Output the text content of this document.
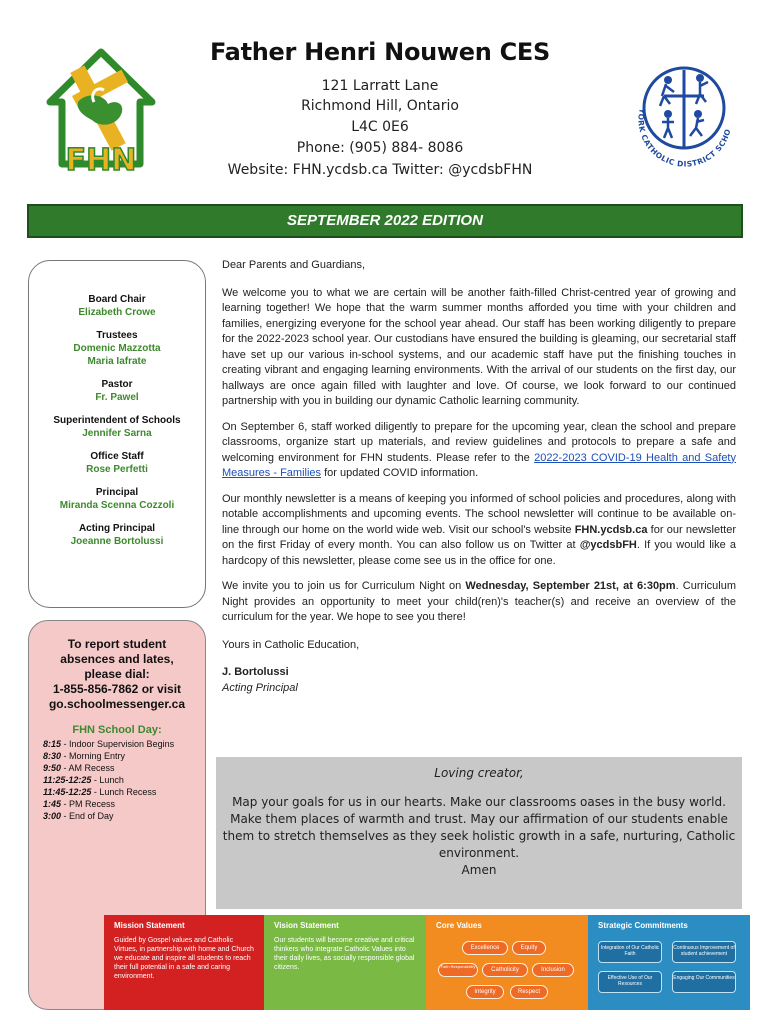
FHN
Father Henri Nouwen CES
121 Larratt Lane
Richmond Hill, Ontario
L4C 0E6
Phone: (905) 884- 8086
Website: FHN.ycdsb.ca Twitter: @ycdsbFHN
YORK CATHOLIC DISTRICT SCHO
SEPTEMBER 2022 EDITION
Board Chair
Elizabeth Crowe
Trustees
Domenic Mazzotta
Maria Iafrate
Pastor
Fr. Pawel
Superintendent of Schools
Jennifer Sarna
Office Staff
Rose Perfetti
Principal
Miranda Scenna Cozzoli
Acting Principal
Joeanne Bortolussi
To report student
absences and lates,
please dial:
1-855-856-7862 or visit
go.schoolmessenger.ca
FHN School Day:
8:15 - Indoor Supervision Begins
8:30 - Morning Entry
9:50 - AM Recess
11:25-12:25 - Lunch
11:45-12:25 - Lunch Recess
1:45 - PM Recess
3:00 - End of Day

Dear Parents and Guardians,

We welcome you to what we are certain will be another faith-filled Christ-centred year of growing and learning together! We hope that the warm summer months afforded you time with your children and families, energizing everyone for the school year ahead. Our staff has been working diligently to prepare for the 2022-2023 school year. Our custodians have ensured the building is gleaming, our secretarial staff have set up our various in-school systems, and our academic staff have put the finishing touches in creating vibrant and engaging learning environments. With the arrival of our students on the first day, our hallways are once again filled with laughter and love. Of course, we look forward to our continued partnership with you in building our dynamic Catholic learning community.

On September 6, staff worked diligently to prepare for the upcoming year, clean the school and prepare classrooms, organize start up materials, and review guidelines and protocols to prepare a safe and welcoming environment for FHN students. Please refer to the 2022-2023 COVID-19 Health and Safety Measures - Families for updated COVID information.

Our monthly newsletter is a means of keeping you informed of school policies and procedures, along with notable accomplishments and upcoming events. The school newsletter will continue to be available on-line through our home on the world wide web. Visit our school's website FHN.ycdsb.ca for our newsletter on the first Friday of every month. You can also follow us on Twitter at @ycdsbFH. If you would like a hardcopy of this newsletter, please come see us in the office for one.

We invite you to join us for Curriculum Night on Wednesday, September 21st, at 6:30pm. Curriculum Night provides an opportunity to meet your child(ren)'s teacher(s) and receive an overview of the curriculum for the year. We hope to see you there!

Yours in Catholic Education,

J. Bortolussi

Acting Principal

Loving creator,
Map your goals for us in our hearts. Make our classrooms oases in the busy world. Make them places of warmth and trust. May our affirmation of our students enable them to stretch themselves as they seek holistic growth in a safe, nurturing, Catholic environment.
Amen
Mission Statement
Guided by Gospel values and Catholic Virtues, in partnership with home and Church we educate and inspire all students to reach their full potential in a safe and caring environment.
Vision Statement
Our students will become creative and critical thinkers who integrate Catholic Values into their daily lives, as socially responsible global citizens.
Core Values
Excellence	Equity
Faith Responsibility
Catholicity	Inclusion
Integrity	Respect
Strategic Commitments
Integration of Our Catholic Faith
Continuous Improvement of student achievement
Effective Use of Our Resources
Engaging Our Communities
